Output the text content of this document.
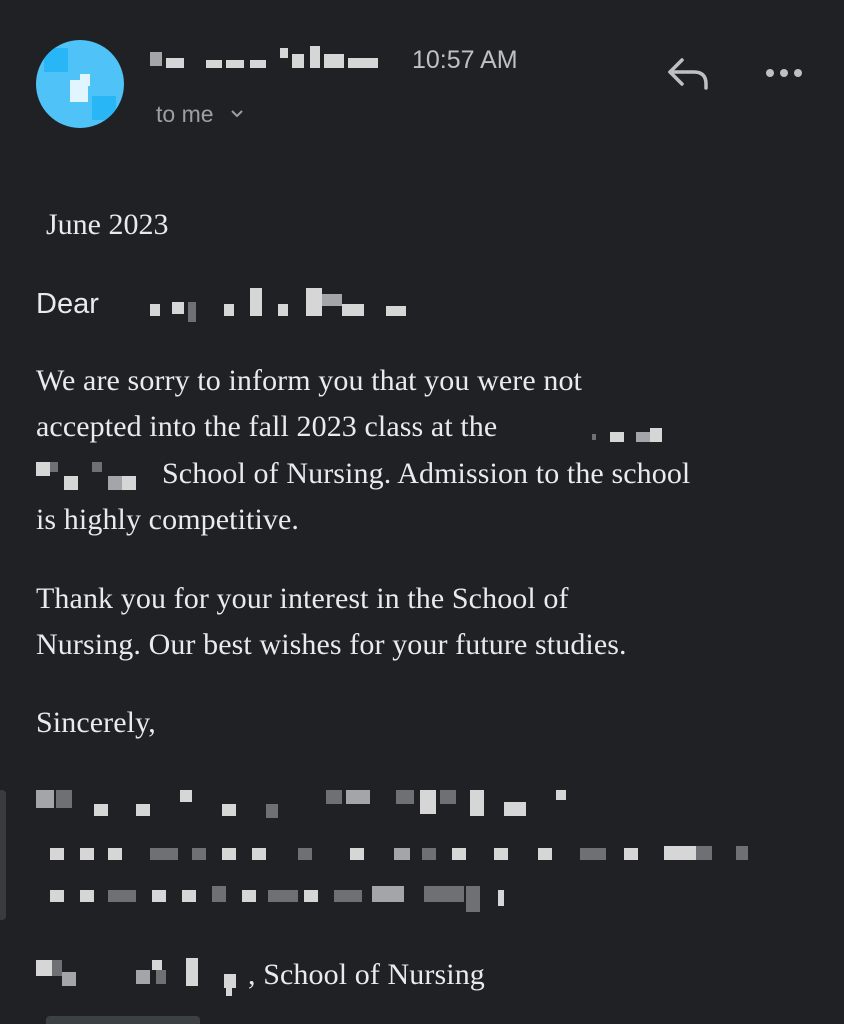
10:57 AM
to me
June 2023
Dear
We are sorry to inform you that you were not
accepted into the fall 2023 class at the
School of Nursing. Admission to the school
is highly competitive.
Thank you for your interest in the School of
Nursing. Our best wishes for your future studies.
Sincerely,
, School of Nursing
